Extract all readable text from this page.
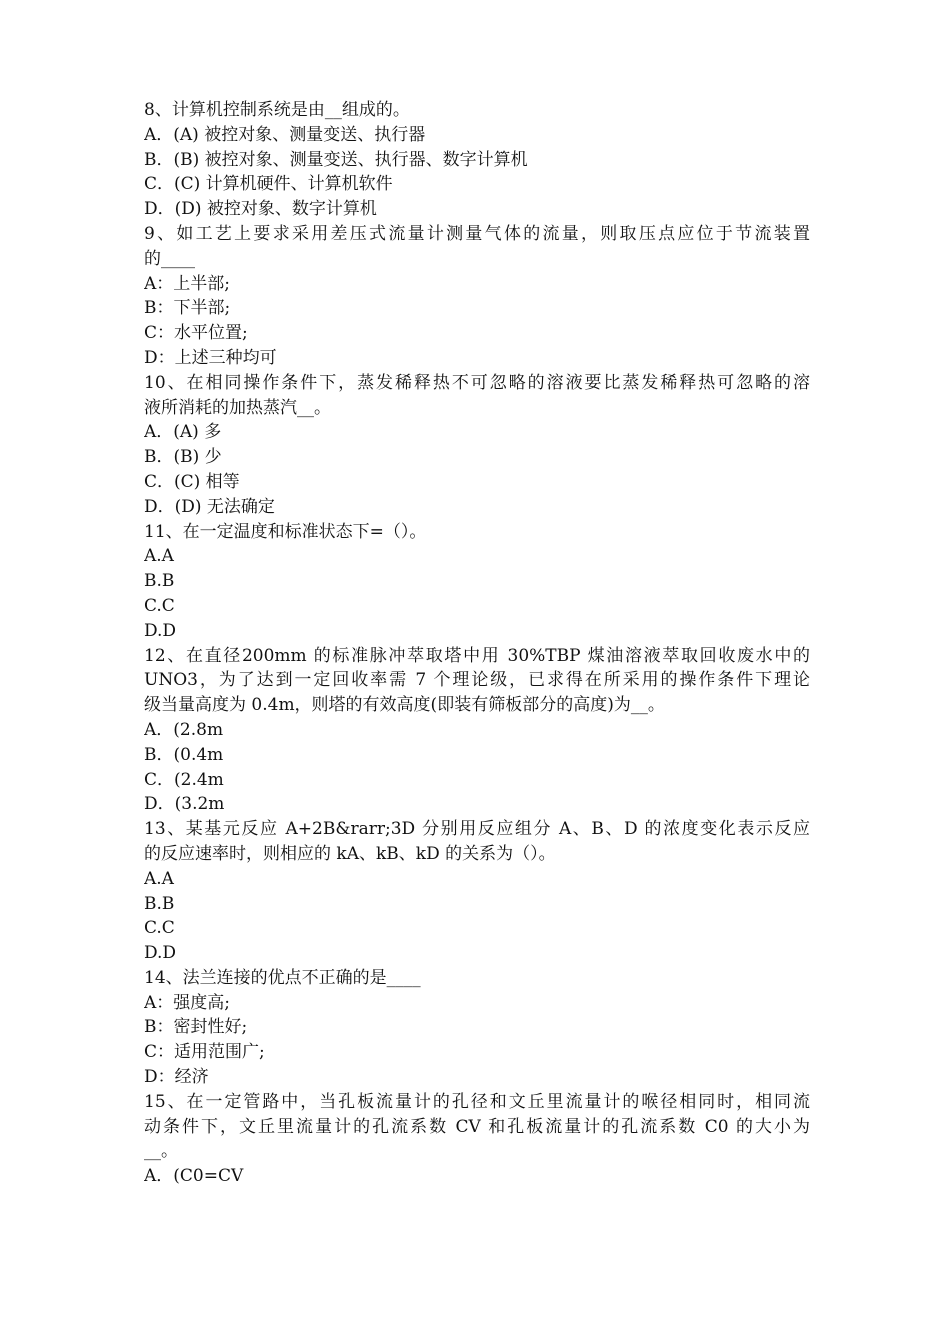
8、计算机控制系统是由__组成的。
A．(A) 被控对象、测量变送、执行器
B．(B) 被控对象、测量变送、执行器、数字计算机
C．(C) 计算机硬件、计算机软件
D．(D) 被控对象、数字计算机
9、如工艺上要求采用差压式流量计测量气体的流量，则取压点应位于节流装置
的____
A：上半部;
B：下半部;
C：水平位置;
D：上述三种均可
10、在相同操作条件下，蒸发稀释热不可忽略的溶液要比蒸发稀释热可忽略的溶
液所消耗的加热蒸汽__。
A．(A) 多
B．(B) 少
C．(C) 相等
D．(D) 无法确定
11、在一定温度和标准状态下=（）。
A.A
B.B
C.C
D.D
12、在直径200mm 的标准脉冲萃取塔中用 30%TBP 煤油溶液萃取回收废水中的
UNO3，为了达到一定回收率需 7 个理论级，已求得在所采用的操作条件下理论
级当量高度为 0.4m，则塔的有效高度(即装有筛板部分的高度)为__。
A．(2.8m
B．(0.4m
C．(2.4m
D．(3.2m
13、某基元反应 A+2B&rarr;3D 分别用反应组分 A、B、D 的浓度变化表示反应
的反应速率时，则相应的 kA、kB、kD 的关系为（）。
A.A
B.B
C.C
D.D
14、法兰连接的优点不正确的是____
A：强度高;
B：密封性好;
C：适用范围广;
D：经济
15、在一定管路中，当孔板流量计的孔径和文丘里流量计的喉径相同时，相同流
动条件下，文丘里流量计的孔流系数 CV 和孔板流量计的孔流系数 C0 的大小为
__。
A．(C0=CV
